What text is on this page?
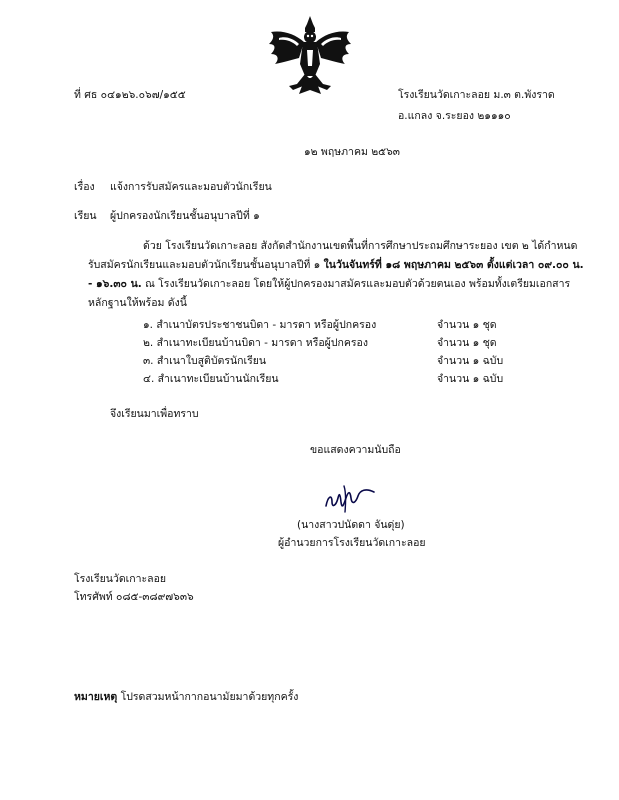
ที่ ศธ ๐๔๑๒๖.๐๖๗/๑๕๕	โรงเรียนวัดเกาะลอย ม.๓ ต.พังราด
อ.แกลง จ.ระยอง ๒๑๑๑๐
๑๒ พฤษภาคม ๒๕๖๓
เรื่อง แจ้งการรับสมัครและมอบตัวนักเรียน
เรียน ผู้ปกครองนักเรียนชั้นอนุบาลปีที่ ๑
ด้วย โรงเรียนวัดเกาะลอย สังกัดสำนักงานเขตพื้นที่การศึกษาประถมศึกษาระยอง เขต ๒ ได้กำหนด
รับสมัครนักเรียนและมอบตัวนักเรียนชั้นอนุบาลปีที่ ๑ ในวันจันทร์ที่ ๑๘ พฤษภาคม ๒๕๖๓ ตั้งแต่เวลา ๐๙.๐๐ น.
- ๑๖.๓๐ น. ณ โรงเรียนวัดเกาะลอย โดยให้ผู้ปกครองมาสมัครและมอบตัวด้วยตนเอง พร้อมทั้งเตรียมเอกสาร
หลักฐานให้พร้อม ดังนี้
๑. สำเนาบัตรประชาชนบิดา - มารดา หรือผู้ปกครอง	จำนวน ๑ ชุด
๒. สำเนาทะเบียนบ้านบิดา - มารดา หรือผู้ปกครอง	จำนวน ๑ ชุด
๓. สำเนาใบสูติบัตรนักเรียน	จำนวน ๑ ฉบับ
๔. สำเนาทะเบียนบ้านนักเรียน	จำนวน ๑ ฉบับ
จึงเรียนมาเพื่อทราบ
ขอแสดงความนับถือ
(นางสาวปนัดดา จันดุ่ย)
ผู้อำนวยการโรงเรียนวัดเกาะลอย
โรงเรียนวัดเกาะลอย
โทรศัพท์ ๐๘๕-๓๘๙๗๖๓๖
หมายเหตุ โปรดสวมหน้ากากอนามัยมาด้วยทุกครั้ง
